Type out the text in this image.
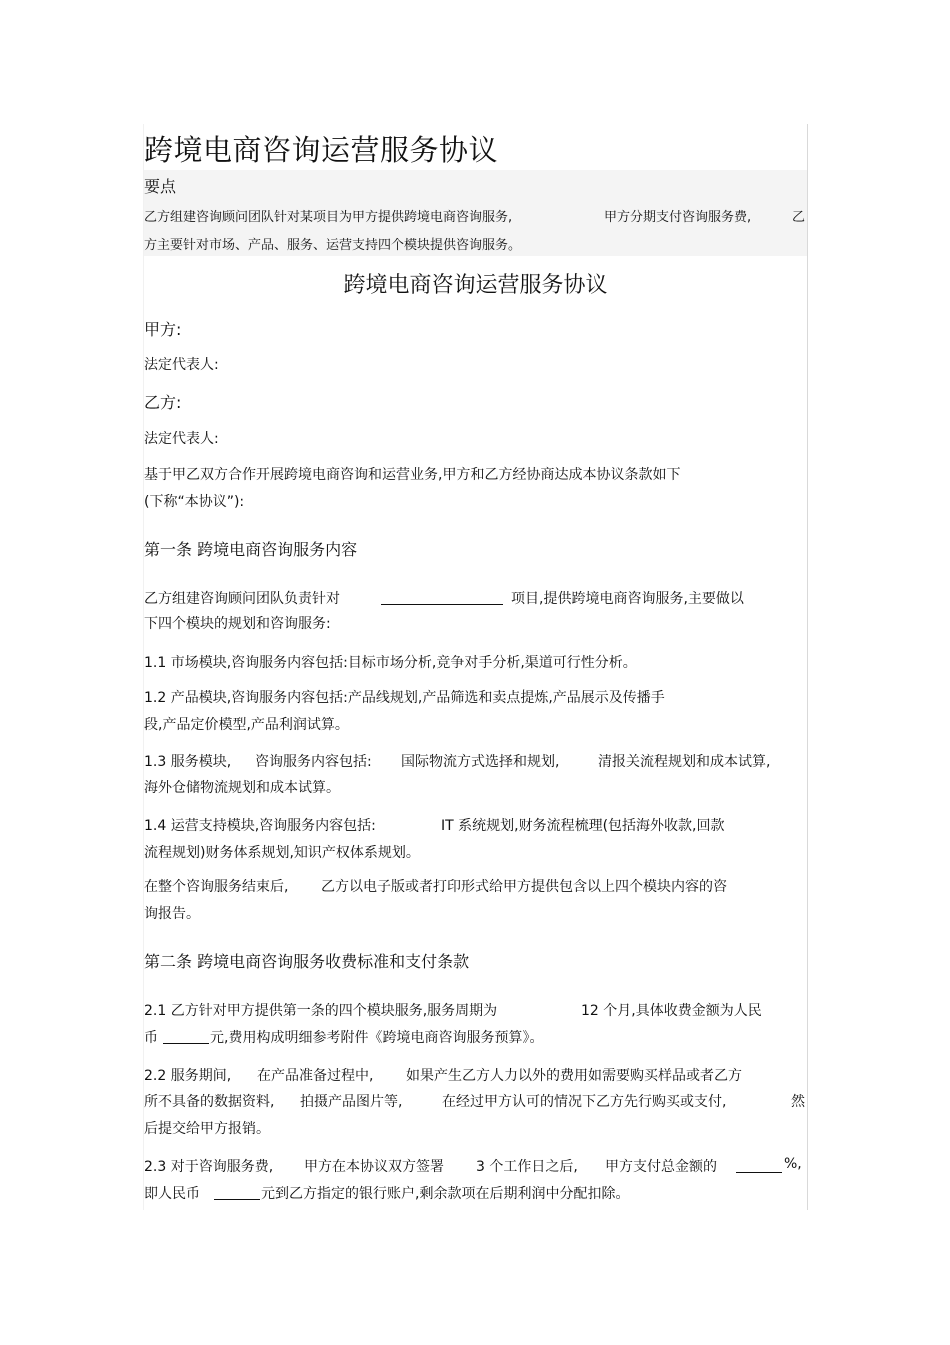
跨境电商咨询运营服务协议
要点
乙方组建咨询顾问团队针对某项目为甲方提供跨境电商咨询服务,	甲方分期支付咨询服务费,	乙
方主要针对市场、产品、服务、运营支持四个模块提供咨询服务。
跨境电商咨询运营服务协议
甲方:
法定代表人:
乙方:
法定代表人:
基于甲乙双方合作开展跨境电商咨询和运营业务,甲方和乙方经协商达成本协议条款如下
(下称“本协议”):
第一条 跨境电商咨询服务内容
乙方组建咨询顾问团队负责针对	项目,提供跨境电商咨询服务,主要做以
下四个模块的规划和咨询服务:
1.1 市场模块,咨询服务内容包括:目标市场分析,竞争对手分析,渠道可行性分析。
1.2 产品模块,咨询服务内容包括:产品线规划,产品筛选和卖点提炼,产品展示及传播手
段,产品定价模型,产品利润试算。
1.3 服务模块, 咨询服务内容包括: 国际物流方式选择和规划,	清报关流程规划和成本试算,
海外仓储物流规划和成本试算。
1.4 运营支持模块,咨询服务内容包括:	IT 系统规划,财务流程梳理(包括海外收款,回款
流程规划)财务体系规划,知识产权体系规划。
在整个咨询服务结束后, 乙方以电子版或者打印形式给甲方提供包含以上四个模块内容的咨
询报告。
第二条 跨境电商咨询服务收费标准和支付条款
2.1 乙方针对甲方提供第一条的四个模块服务,服务周期为	12 个月,具体收费金额为人民
币	元,费用构成明细参考附件《跨境电商咨询服务预算》。
2.2 服务期间, 在产品准备过程中, 如果产生乙方人力以外的费用如需要购买样品或者乙方
所不具备的数据资料, 拍摄产品图片等,	在经过甲方认可的情况下乙方先行购买或支付,	然
后提交给甲方报销。
2.3 对于咨询服务费, 甲方在本协议双方签署 3 个工作日之后, 甲方支付总金额的	%,
即人民币	元到乙方指定的银行账户,剩余款项在后期利润中分配扣除。
